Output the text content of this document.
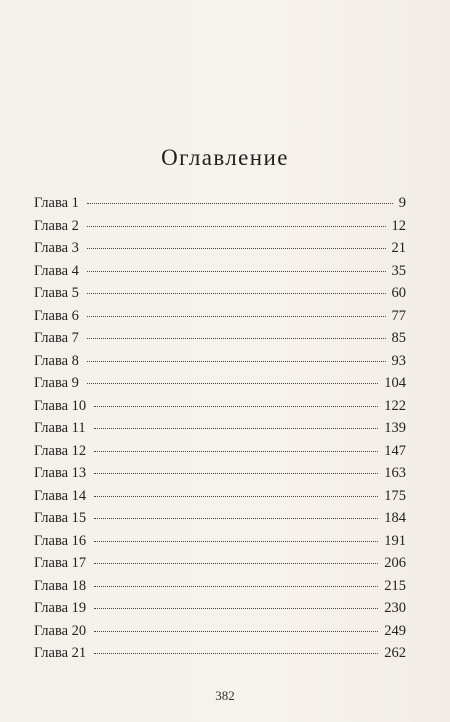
Оглавление
Глава 1	9
Глава 2	12
Глава 3	21
Глава 4	35
Глава 5	60
Глава 6	77
Глава 7	85
Глава 8	93
Глава 9	104
Глава 10	122
Глава 11	139
Глава 12	147
Глава 13	163
Глава 14	175
Глава 15	184
Глава 16	191
Глава 17	206
Глава 18	215
Глава 19	230
Глава 20	249
Глава 21	262
382
